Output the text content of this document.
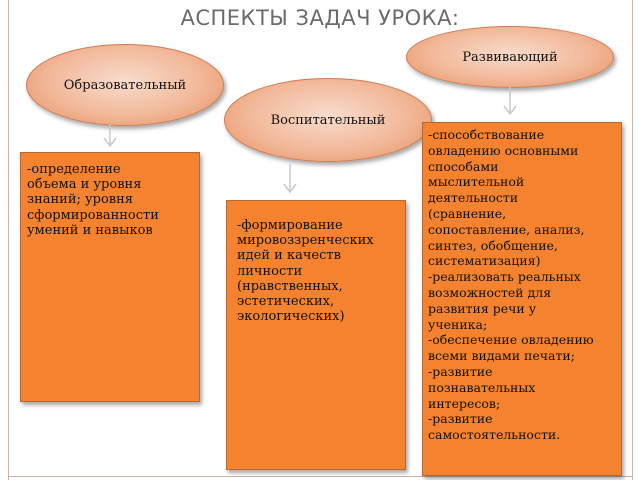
АСПЕКТЫ ЗАДАЧ УРОКА:
Образовательный
-определение
объема и уровня
знаний; уровня
сформированности
умений и навыков
Воспитательный
-формирование
мировоззренческих
идей и качеств
личности
(нравственных,
эстетических,
экологических)
Развивающий
-способствование
овладению основными
способами
мыслительной
деятельности
(сравнение,
сопоставление, анализ,
синтез, обобщение,
систематизация)
-реализовать реальных
возможностей для
развития речи у
ученика;
-обеспечение овладению
всеми видами печати;
-развитие
познавательных
интересов;
-развитие
самостоятельности.
